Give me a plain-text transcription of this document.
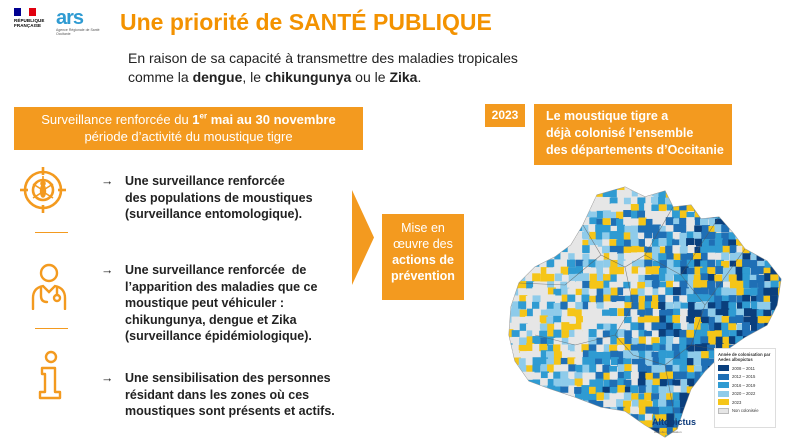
RÉPUBLIQUE FRANÇAISE ars
Agence Régionale de Santé Occitanie	Une priorité de SANTÉ PUBLIQUE
En raison de sa capacité à transmettre des maladies tropicales
comme la dengue, le chikungunya ou le Zika.
Surveillance renforcée du 1er mai au 30 novembre
période d’activité du moustique tigre
→ Une surveillance renforcée
des populations de moustiques
(surveillance entomologique).
→ Une surveillance renforcée  de
l’apparition des maladies que ce
moustique peut véhiculer :
chikungunya, dengue et Zika
(surveillance épidémiologique).
→ Une sensibilisation des personnes
résidant dans les zones où ces
moustiques sont présents et actifs.
Mise en
œuvre des
actions de
prévention
2023	Le moustique tigre a
déjà colonisé l’ensemble
des départements d’Occitanie
Année de colonisation par Aedes albopictus
2008 – 2011
2012 – 2015
2016 – 2019
2020 – 2022
2023
Non colonisée
Altopictus
Atlas de colonisation
